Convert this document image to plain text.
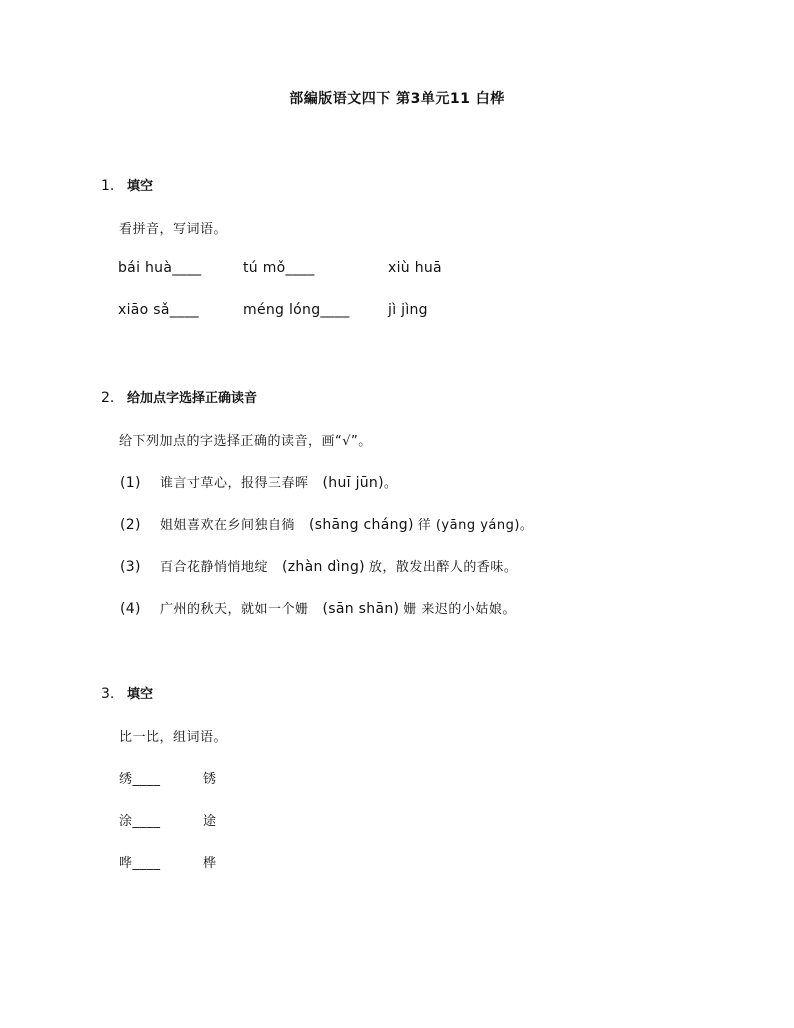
部編版语文四下 第3单元11 白桦
1. 填空
看拼音，写词语。
bái huà____	tú mǒ____	xiù huā
xiāo sǎ____	méng lóng____	jì jìng
2. 给加点字选择正确读音
给下列加点的字选择正确的读音，画“√”。
(1) 谁言寸草心，报得三春晖 (huī jūn)。
(2) 姐姐喜欢在乡间独自徜 (shāng cháng) 徉 (yāng yáng)。
(3) 百合花静悄悄地绽 (zhàn dìng) 放，散发出醉人的香味。
(4) 广州的秋天，就如一个姗 (sān shān) 姗 来迟的小姑娘。
3. 填空
比一比，组词语。
绣____	锈
涂____	途
哗____	桦
